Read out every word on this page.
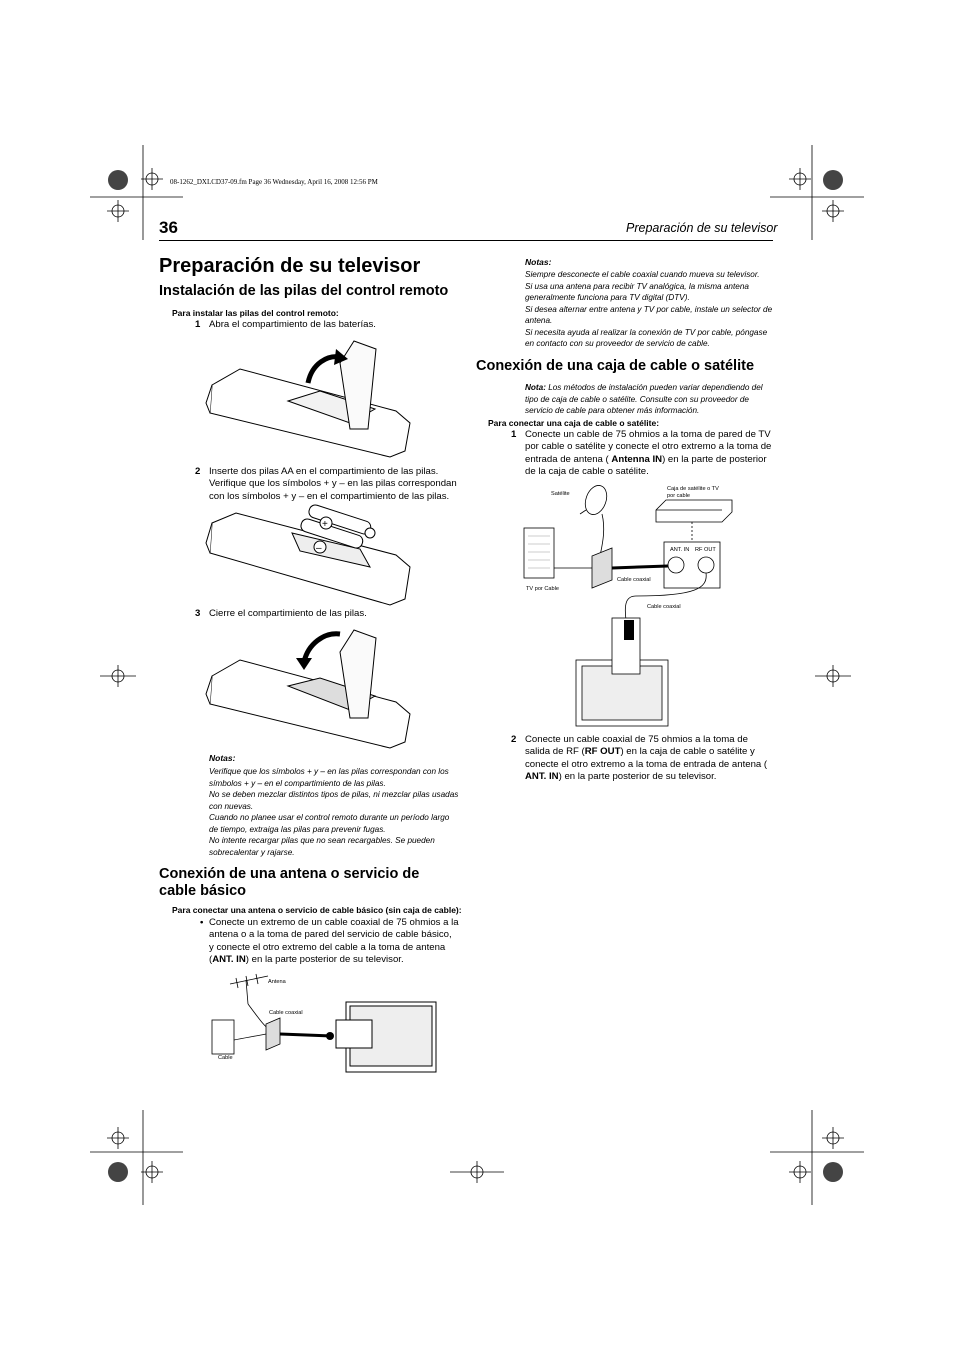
08-1262_DXLCD37-09.fm Page 36 Wednesday, April 16, 2008 12:56 PM
36	Preparación de su televisor
Preparación de su televisor
Instalación de las pilas del control remoto
Para instalar las pilas del control remoto:
1 Abra el compartimiento de las baterías.
2 Inserte dos pilas AA en el compartimiento de las pilas. Verifique que los símbolos + y – en las pilas correspondan con los símbolos + y – en el compartimiento de las pilas.
+
–
3 Cierre el compartimiento de las pilas.
Notas:

Verifique que los símbolos + y – en las pilas correspondan con los símbolos + y – en el compartimiento de las pilas.

No se deben mezclar distintos tipos de pilas, ni mezclar pilas usadas con nuevas.

Cuando no planee usar el control remoto durante un período largo de tiempo, extraiga las pilas para prevenir fugas.

No intente recargar pilas que no sean recargables. Se pueden sobrecalentar y rajarse.

Conexión de una antena o servicio de cable básico
Para conectar una antena o servicio de cable básico (sin caja de cable):
• Conecte un extremo de un cable coaxial de 75 ohmios a la antena o a la toma de pared del servicio de cable básico, y conecte el otro extremo del cable a la toma de antena (ANT. IN) en la parte posterior de su televisor.
Antena
Cable coaxial
Cable
Notas:

Siempre desconecte el cable coaxial cuando mueva su televisor.

Si usa una antena para recibir TV analógica, la misma antena generalmente funciona para TV digital (DTV).

Si desea alternar entre antena y TV por cable, instale un selector de antena.

Si necesita ayuda al realizar la conexión de TV por cable, póngase en contacto con su proveedor de servicio de cable.

Conexión de una caja de cable o satélite
Nota: Los métodos de instalación pueden variar dependiendo del tipo de caja de cable o satélite. Consulte con su proveedor de servicio de cable para obtener más información.
Para conectar una caja de cable o satélite:
1 Conecte un cable de 75 ohmios a la toma de pared de TV por cable o satélite y conecte el otro extremo a la toma de entrada de antena ( Antenna IN) en la parte de posterior de la caja de cable o satélite.
Satélite
Caja de satélite o TV por cable
ANT. IN RF OUT
Cable coaxial
TV por Cable
Cable coaxial
2 Conecte un cable coaxial de 75 ohmios a la toma de salida de RF (RF OUT) en la caja de cable o satélite y conecte el otro extremo a la toma de entrada de antena ( ANT. IN) en la parte posterior de su televisor.
